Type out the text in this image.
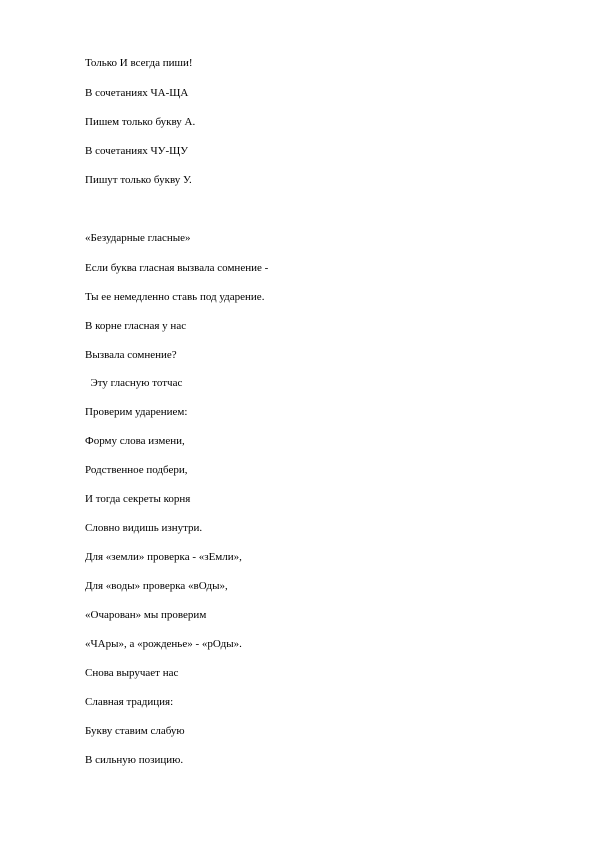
Только И всегда пиши!
В сочетаниях ЧА-ЩА
Пишем только букву А.
В сочетаниях ЧУ-ЩУ
Пишут только букву У.
«Безударные гласные»
Если буква гласная вызвала сомнение -
Ты ее немедленно ставь под ударение.
В корне гласная у нас
Вызвала сомнение?
Эту гласную тотчас
Проверим ударением:
Форму слова измени,
Родственное подбери,
И тогда секреты корня
Словно видишь изнутри.
Для «земли» проверка - «зЕмли»,
Для «воды» проверка «вОды»,
«Очарован» мы проверим
«ЧАры», а «рожденье» - «рОды».
Снова выручает нас
Славная традиция:
Букву ставим слабую
В сильную позицию.
